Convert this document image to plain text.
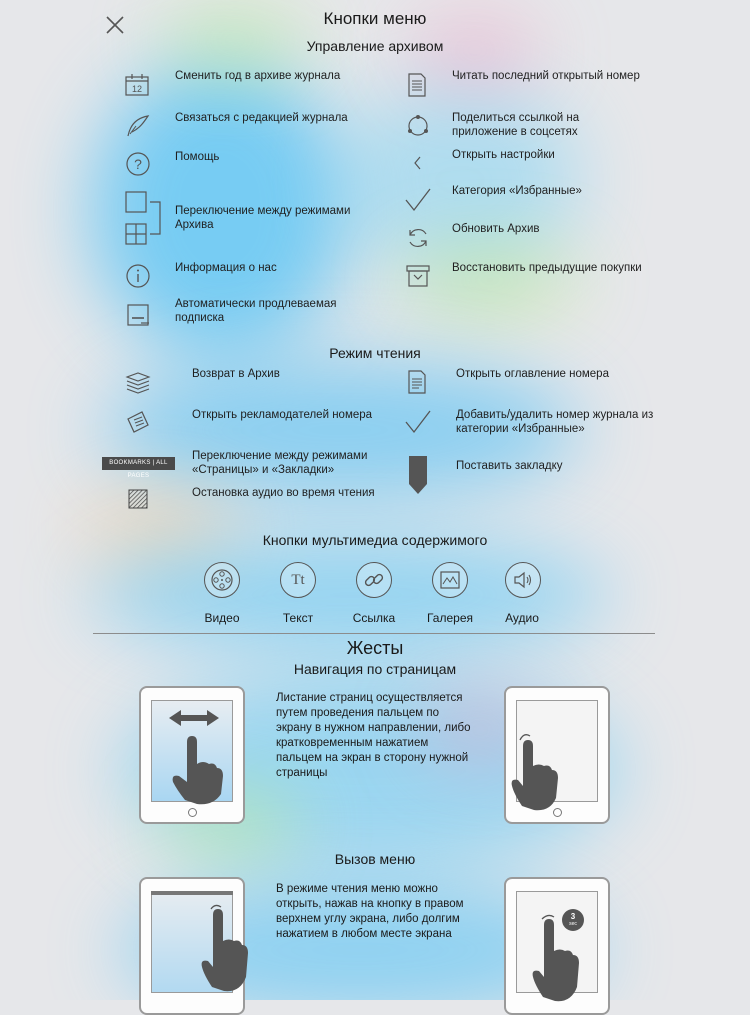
Кнопки меню
Управление архивом
12
Сменить год в архиве журнала
Связаться с редакцией журнала
?	Помощь
Переключение между режимами Архива
Информация о нас
Автоматически продлеваемая подписка
Читать последний открытый номер
Поделиться ссылкой на приложение в соцсетях
Открыть настройки
Категория «Избранные»
Обновить Архив
Восстановить предыдущие покупки
Режим чтения
Возврат в Архив
Открыть рекламодателей номера
BOOKMARKS | ALL PAGES
Переключение между режимами «Страницы» и «Закладки»
Остановка аудио во время чтения
Открыть оглавление номера
Добавить/удалить номер журнала из категории «Избранные»
Поставить закладку
Кнопки мультимедиа содержимого
Видео
Tt
Текст	Ссылка	Галерея	Аудио
Жесты
Навигация по страницам
Листание страниц осуществляется путем проведения пальцем по экрану в нужном направлении, либо кратковременным нажатием пальцем на экран в сторону нужной страницы
Вызов меню
В режиме чтения меню можно открыть, нажав на кнопку в правом верхнем углу экрана, либо долгим нажатием в любом месте экрана
3
sec
